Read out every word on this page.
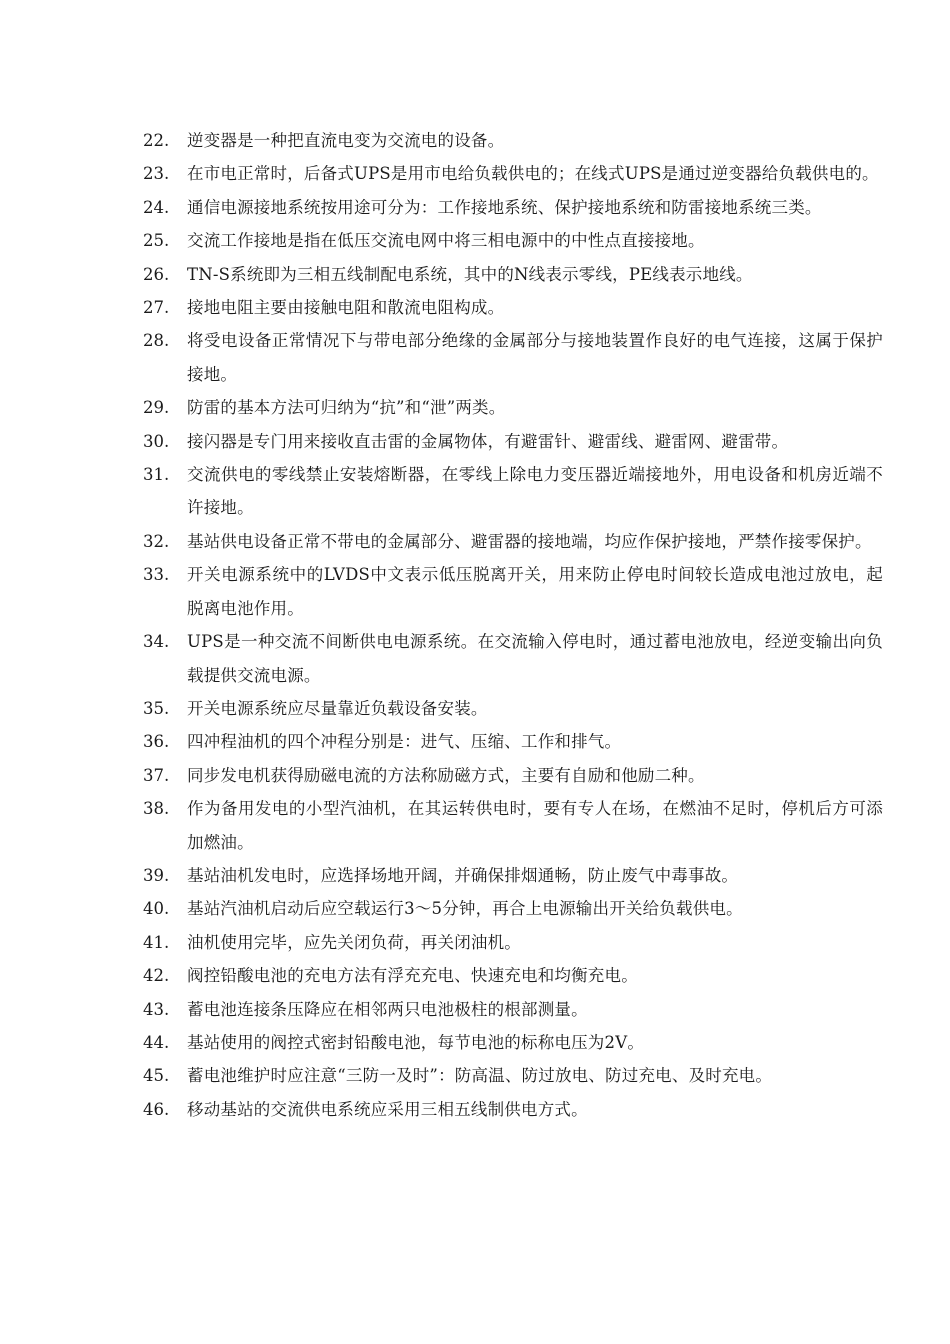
22.	逆变器是一种把直流电变为交流电的设备。
23.	在市电正常时，后备式UPS是用市电给负载供电的；在线式UPS是通过逆变器给负载供电的。
24.	通信电源接地系统按用途可分为：工作接地系统、保护接地系统和防雷接地系统三类。
25.	交流工作接地是指在低压交流电网中将三相电源中的中性点直接接地。
26.	TN-S系统即为三相五线制配电系统，其中的N线表示零线，PE线表示地线。
27.	接地电阻主要由接触电阻和散流电阻构成。
28.	将受电设备正常情况下与带电部分绝缘的金属部分与接地装置作良好的电气连接，这属于保护接地。
29.	防雷的基本方法可归纳为“抗”和“泄”两类。
30.	接闪器是专门用来接收直击雷的金属物体，有避雷针、避雷线、避雷网、避雷带。
31.	交流供电的零线禁止安装熔断器，在零线上除电力变压器近端接地外，用电设备和机房近端不许接地。
32.	基站供电设备正常不带电的金属部分、避雷器的接地端，均应作保护接地，严禁作接零保护。
33.	开关电源系统中的LVDS中文表示低压脱离开关，用来防止停电时间较长造成电池过放电，起脱离电池作用。
34.	UPS是一种交流不间断供电电源系统。在交流输入停电时，通过蓄电池放电，经逆变输出向负载提供交流电源。
35.	开关电源系统应尽量靠近负载设备安装。
36.	四冲程油机的四个冲程分别是：进气、压缩、工作和排气。
37.	同步发电机获得励磁电流的方法称励磁方式，主要有自励和他励二种。
38.	作为备用发电的小型汽油机，在其运转供电时，要有专人在场，在燃油不足时，停机后方可添加燃油。
39.	基站油机发电时，应选择场地开阔，并确保排烟通畅，防止废气中毒事故。
40.	基站汽油机启动后应空载运行3～5分钟，再合上电源输出开关给负载供电。
41.	油机使用完毕，应先关闭负荷，再关闭油机。
42.	阀控铅酸电池的充电方法有浮充充电、快速充电和均衡充电。
43.	蓄电池连接条压降应在相邻两只电池极柱的根部测量。
44.	基站使用的阀控式密封铅酸电池，每节电池的标称电压为2V。
45.	蓄电池维护时应注意“三防一及时”：防高温、防过放电、防过充电、及时充电。
46.	移动基站的交流供电系统应采用三相五线制供电方式。
